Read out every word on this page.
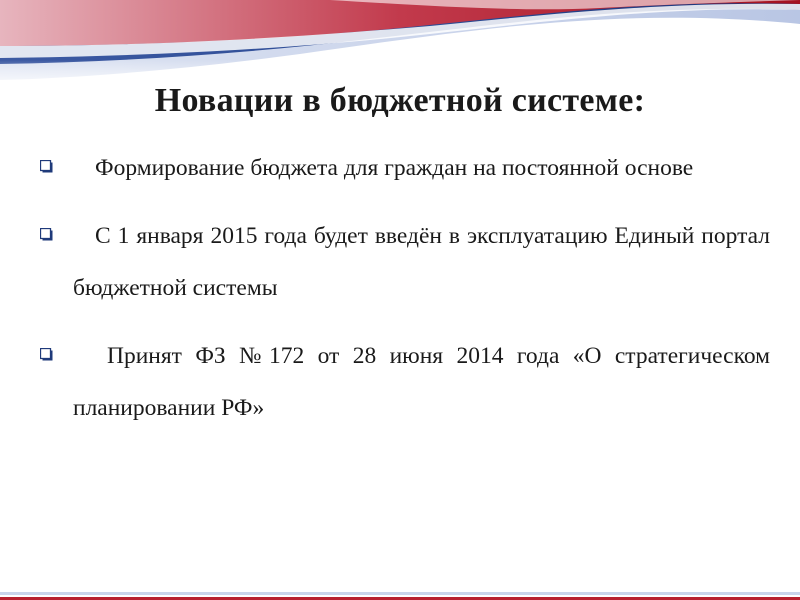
Новации в бюджетной системе:
Формирование бюджета для граждан на постоянной основе
С 1 января 2015 года будет введён в эксплуатацию Единый портал бюджетной системы
Принят ФЗ №172 от 28 июня 2014 года «О стратегическом планировании РФ»
